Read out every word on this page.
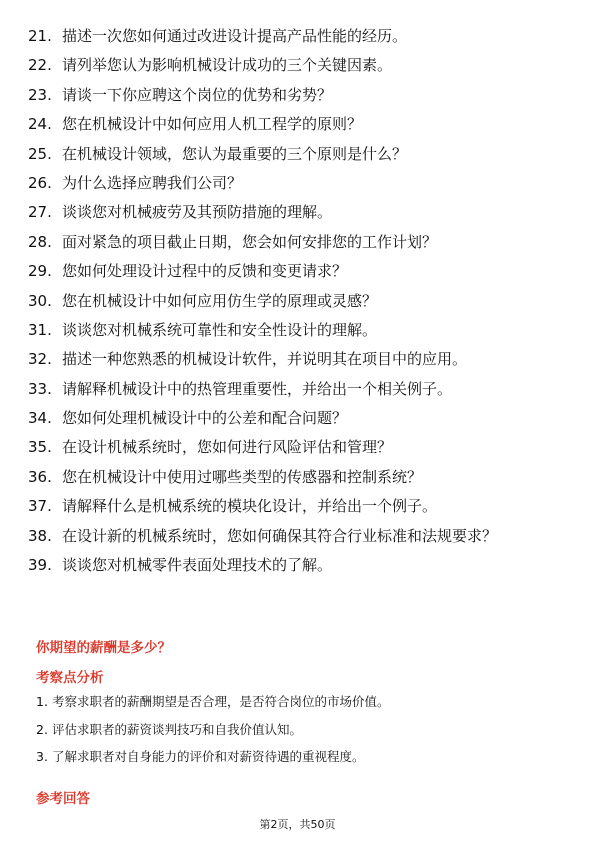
21. 描述一次您如何通过改进设计提高产品性能的经历。
22. 请列举您认为影响机械设计成功的三个关键因素。
23. 请谈一下你应聘这个岗位的优势和劣势？
24. 您在机械设计中如何应用人机工程学的原则？
25. 在机械设计领域，您认为最重要的三个原则是什么？
26. 为什么选择应聘我们公司？
27. 谈谈您对机械疲劳及其预防措施的理解。
28. 面对紧急的项目截止日期，您会如何安排您的工作计划？
29. 您如何处理设计过程中的反馈和变更请求？
30. 您在机械设计中如何应用仿生学的原理或灵感？
31. 谈谈您对机械系统可靠性和安全性设计的理解。
32. 描述一种您熟悉的机械设计软件，并说明其在项目中的应用。
33. 请解释机械设计中的热管理重要性，并给出一个相关例子。
34. 您如何处理机械设计中的公差和配合问题？
35. 在设计机械系统时，您如何进行风险评估和管理？
36. 您在机械设计中使用过哪些类型的传感器和控制系统？
37. 请解释什么是机械系统的模块化设计，并给出一个例子。
38. 在设计新的机械系统时，您如何确保其符合行业标准和法规要求？
39. 谈谈您对机械零件表面处理技术的了解。
你期望的薪酬是多少？
考察点分析
1. 考察求职者的薪酬期望是否合理，是否符合岗位的市场价值。
2. 评估求职者的薪资谈判技巧和自我价值认知。
3. 了解求职者对自身能力的评价和对薪资待遇的重视程度。
参考回答
第2页，共50页
